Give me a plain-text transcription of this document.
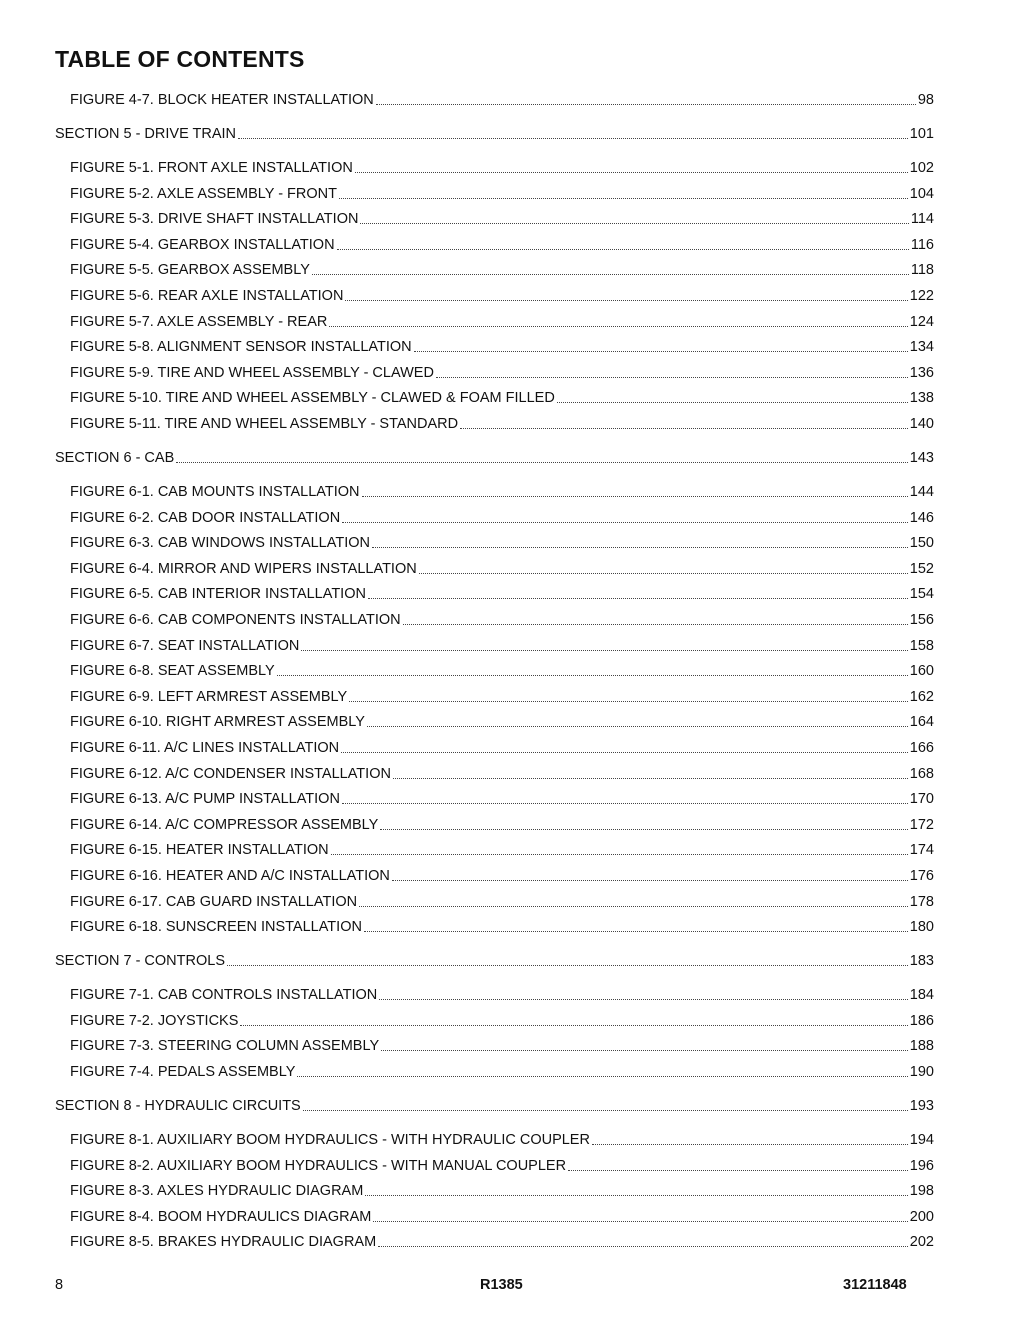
TABLE OF CONTENTS
FIGURE 4-7. BLOCK HEATER INSTALLATION	98
SECTION 5 - DRIVE TRAIN	101
FIGURE 5-1. FRONT AXLE INSTALLATION	102
FIGURE 5-2. AXLE ASSEMBLY - FRONT	104
FIGURE 5-3. DRIVE SHAFT INSTALLATION	114
FIGURE 5-4. GEARBOX INSTALLATION	116
FIGURE 5-5. GEARBOX ASSEMBLY	118
FIGURE 5-6. REAR AXLE INSTALLATION	122
FIGURE 5-7. AXLE ASSEMBLY - REAR	124
FIGURE 5-8. ALIGNMENT SENSOR INSTALLATION	134
FIGURE 5-9. TIRE AND WHEEL ASSEMBLY - CLAWED	136
FIGURE 5-10. TIRE AND WHEEL ASSEMBLY - CLAWED & FOAM FILLED	138
FIGURE 5-11. TIRE AND WHEEL ASSEMBLY - STANDARD	140
SECTION 6 - CAB	143
FIGURE 6-1. CAB MOUNTS INSTALLATION	144
FIGURE 6-2. CAB DOOR INSTALLATION	146
FIGURE 6-3. CAB WINDOWS INSTALLATION	150
FIGURE 6-4. MIRROR AND WIPERS INSTALLATION	152
FIGURE 6-5. CAB INTERIOR INSTALLATION	154
FIGURE 6-6. CAB COMPONENTS INSTALLATION	156
FIGURE 6-7. SEAT INSTALLATION	158
FIGURE 6-8. SEAT ASSEMBLY	160
FIGURE 6-9. LEFT ARMREST ASSEMBLY	162
FIGURE 6-10. RIGHT ARMREST ASSEMBLY	164
FIGURE 6-11. A/C LINES INSTALLATION	166
FIGURE 6-12. A/C CONDENSER INSTALLATION	168
FIGURE 6-13. A/C PUMP INSTALLATION	170
FIGURE 6-14. A/C COMPRESSOR ASSEMBLY	172
FIGURE 6-15. HEATER INSTALLATION	174
FIGURE 6-16. HEATER AND A/C INSTALLATION	176
FIGURE 6-17. CAB GUARD INSTALLATION	178
FIGURE 6-18. SUNSCREEN INSTALLATION	180
SECTION 7 - CONTROLS	183
FIGURE 7-1. CAB CONTROLS INSTALLATION	184
FIGURE 7-2. JOYSTICKS	186
FIGURE 7-3. STEERING COLUMN ASSEMBLY	188
FIGURE 7-4. PEDALS ASSEMBLY	190
SECTION 8 - HYDRAULIC CIRCUITS	193
FIGURE 8-1. AUXILIARY BOOM HYDRAULICS - WITH HYDRAULIC COUPLER	194
FIGURE 8-2. AUXILIARY BOOM HYDRAULICS - WITH MANUAL COUPLER	196
FIGURE 8-3. AXLES HYDRAULIC DIAGRAM	198
FIGURE 8-4. BOOM HYDRAULICS DIAGRAM	200
FIGURE 8-5. BRAKES HYDRAULIC DIAGRAM	202
8	R1385	31211848
